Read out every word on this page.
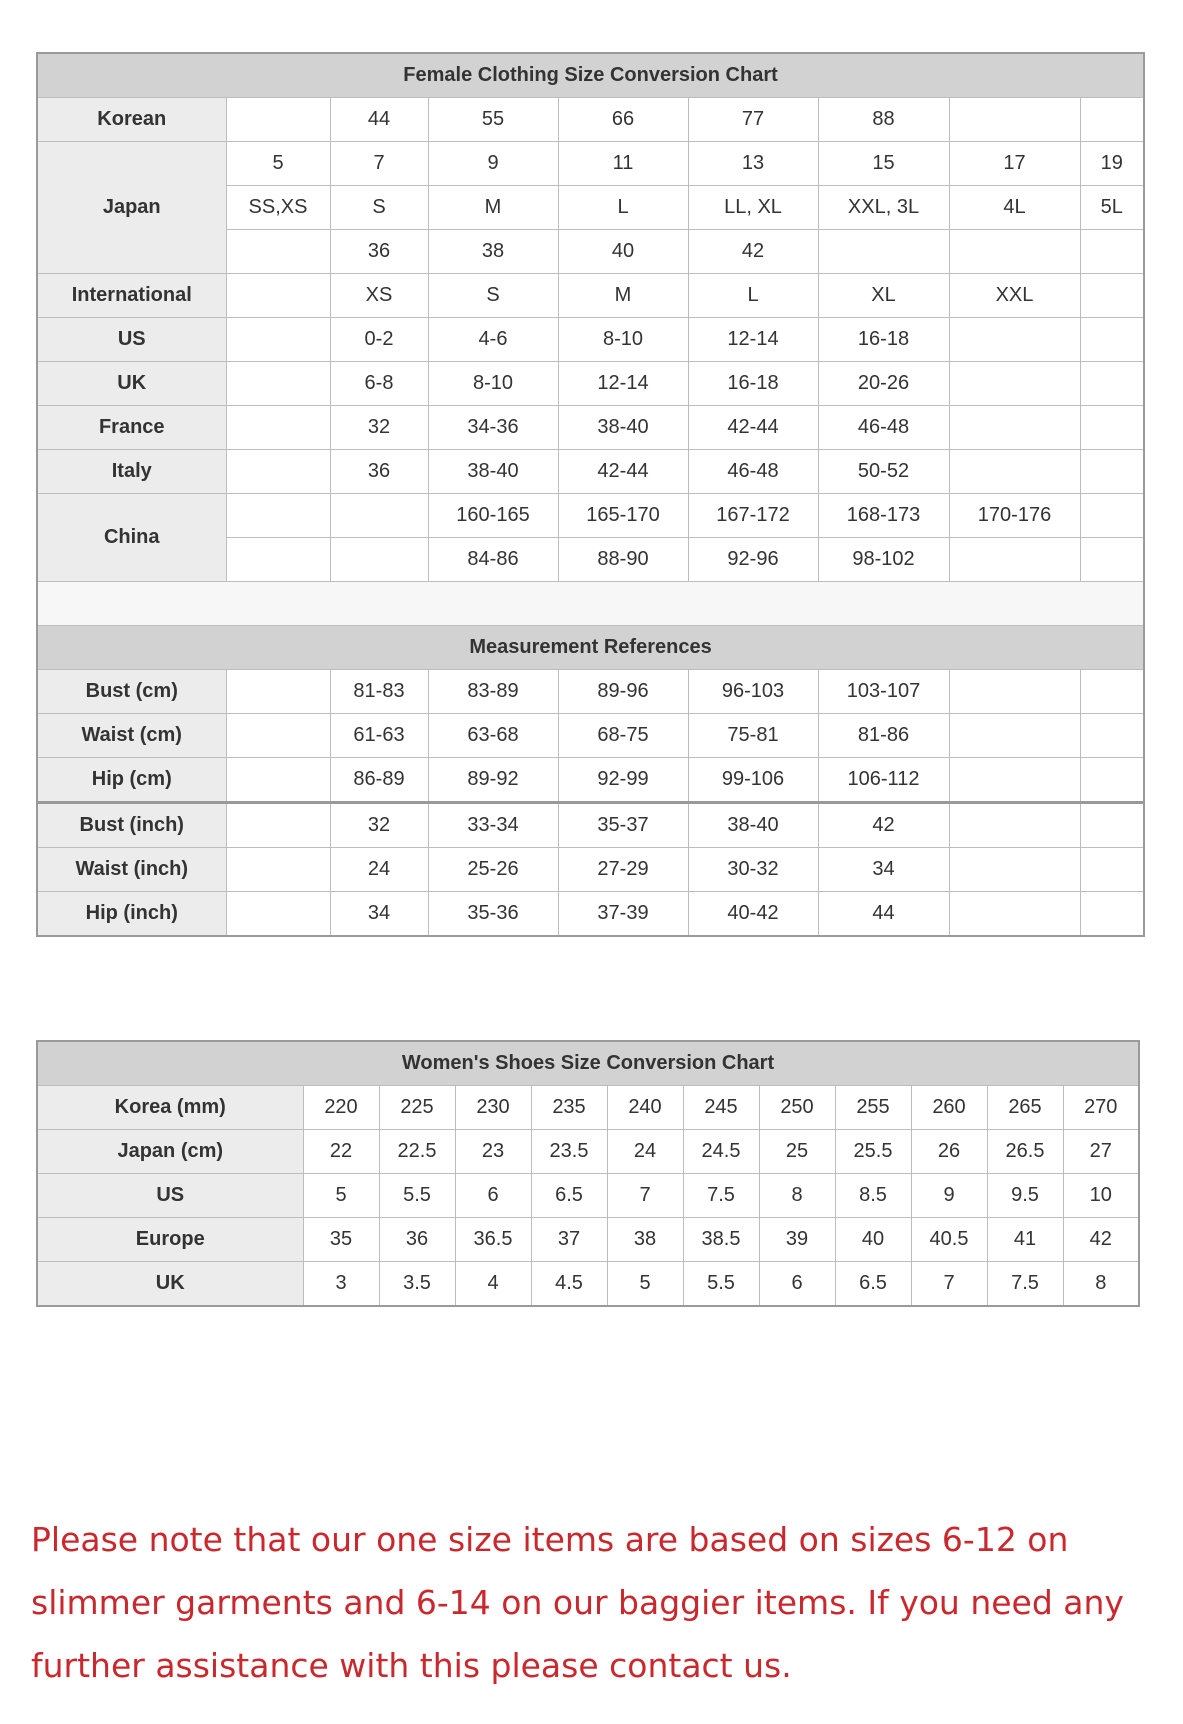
Female Clothing Size Conversion Chart								
Korean		44	55	66	77	88		
Japan	5	7	9	11	13	15	17	19
	SS,XS	S	M	L	LL, XL	XXL, 3L	4L	5L
		36	38	40	42			
International		XS	S	M	L	XL	XXL	
US		0-2	4-6	8-10	12-14	16-18		
UK		6-8	8-10	12-14	16-18	20-26		
France		32	34-36	38-40	42-44	46-48		
Italy		36	38-40	42-44	46-48	50-52		
China			160-165	165-170	167-172	168-173	170-176	
			84-86	88-90	92-96	98-102		

Measurement References								
Bust (cm)		81-83	83-89	89-96	96-103	103-107		
Waist (cm)		61-63	63-68	68-75	75-81	81-86		
Hip (cm)		86-89	89-92	92-99	99-106	106-112		
Bust (inch)		32	33-34	35-37	38-40	42		
Waist (inch)		24	25-26	27-29	30-32	34		
Hip (inch)		34	35-36	37-39	40-42	44		
Women's Shoes Size Conversion Chart											
Korea (mm)	220	225	230	235	240	245	250	255	260	265	270
Japan (cm)	22	22.5	23	23.5	24	24.5	25	25.5	26	26.5	27
US	5	5.5	6	6.5	7	7.5	8	8.5	9	9.5	10
Europe	35	36	36.5	37	38	38.5	39	40	40.5	41	42
UK	3	3.5	4	4.5	5	5.5	6	6.5	7	7.5	8

Please note that our one size items are based on sizes 6-12 on slimmer garments and 6-14 on our baggier items. If you need any further assistance with this please contact us.
